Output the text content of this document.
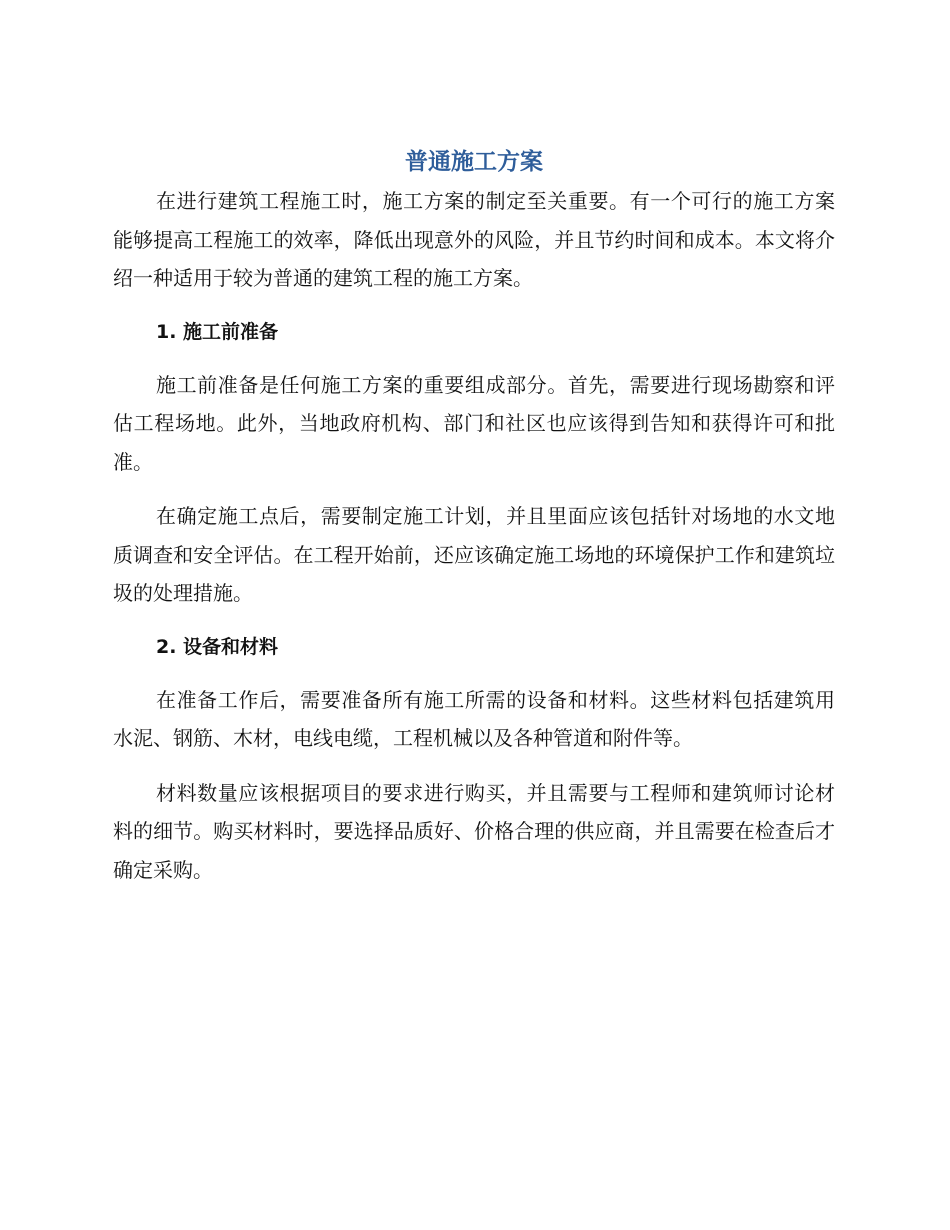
普通施工方案

在进行建筑工程施工时，施工方案的制定至关重要。有一个可行的施工方案能够提高工程施工的效率，降低出现意外的风险，并且节约时间和成本。本文将介绍一种适用于较为普通的建筑工程的施工方案。

1. 施工前准备

施工前准备是任何施工方案的重要组成部分。首先，需要进行现场勘察和评估工程场地。此外，当地政府机构、部门和社区也应该得到告知和获得许可和批准。

在确定施工点后，需要制定施工计划，并且里面应该包括针对场地的水文地质调查和安全评估。在工程开始前，还应该确定施工场地的环境保护工作和建筑垃圾的处理措施。

2. 设备和材料

在准备工作后，需要准备所有施工所需的设备和材料。这些材料包括建筑用水泥、钢筋、木材，电线电缆，工程机械以及各种管道和附件等。

材料数量应该根据项目的要求进行购买，并且需要与工程师和建筑师讨论材料的细节。购买材料时，要选择品质好、价格合理的供应商，并且需要在检查后才确定采购。
